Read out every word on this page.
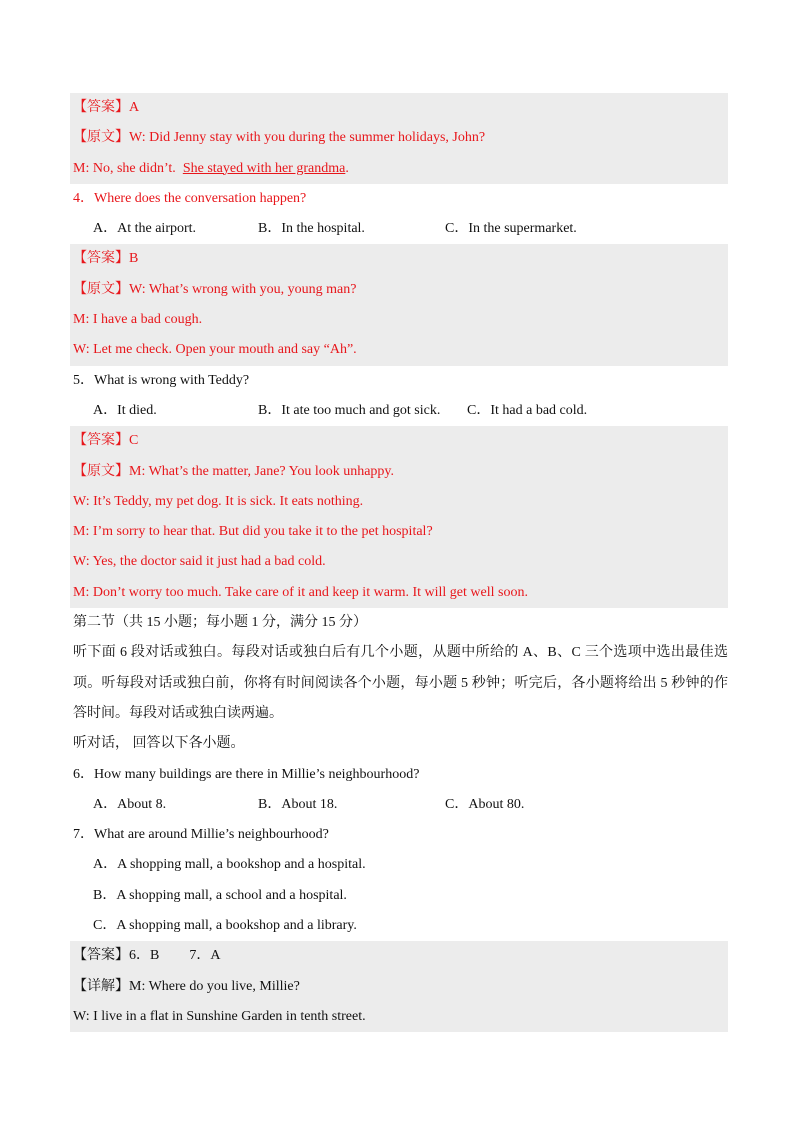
【答案】A
【原文】W: Did Jenny stay with you during the summer holidays, John?
M: No, she didn’t.  She stayed with her grandma.
4．Where does the conversation happen?
A．At the airport.	B．In the hospital.	C．In the supermarket.
【答案】B
【原文】W: What’s wrong with you, young man?
M: I have a bad cough.
W: Let me check. Open your mouth and say “Ah”.
5．What is wrong with Teddy?
A．It died.	B．It ate too much and got sick.	C．It had a bad cold.
【答案】C
【原文】M: What’s the matter, Jane? You look unhappy.
W: It’s Teddy, my pet dog. It is sick. It eats nothing.
M: I’m sorry to hear that. But did you take it to the pet hospital?
W: Yes, the doctor said it just had a bad cold.
M: Don’t worry too much. Take care of it and keep it warm. It will get well soon.
第二节（共 15 小题；每小题 1 分，满分 15 分）
听下面 6 段对话或独白。每段对话或独白后有几个小题，从题中所给的 A、B、C 三个选项中选出最佳选项。听每段对话或独白前，你将有时间阅读各个小题，每小题 5 秒钟；听完后，各小题将给出 5 秒钟的作答时间。每段对话或独白读两遍。
听对话， 回答以下各小题。
6．How many buildings are there in Millie’s neighbourhood?
A．About 8.	B．About 18.	C．About 80.
7．What are around Millie’s neighbourhood?
A．A shopping mall, a bookshop and a hospital.
B．A shopping mall, a school and a hospital.
C．A shopping mall, a bookshop and a library.
【答案】6．B 7．A
【详解】M: Where do you live, Millie?
W: I live in a flat in Sunshine Garden in tenth street.
